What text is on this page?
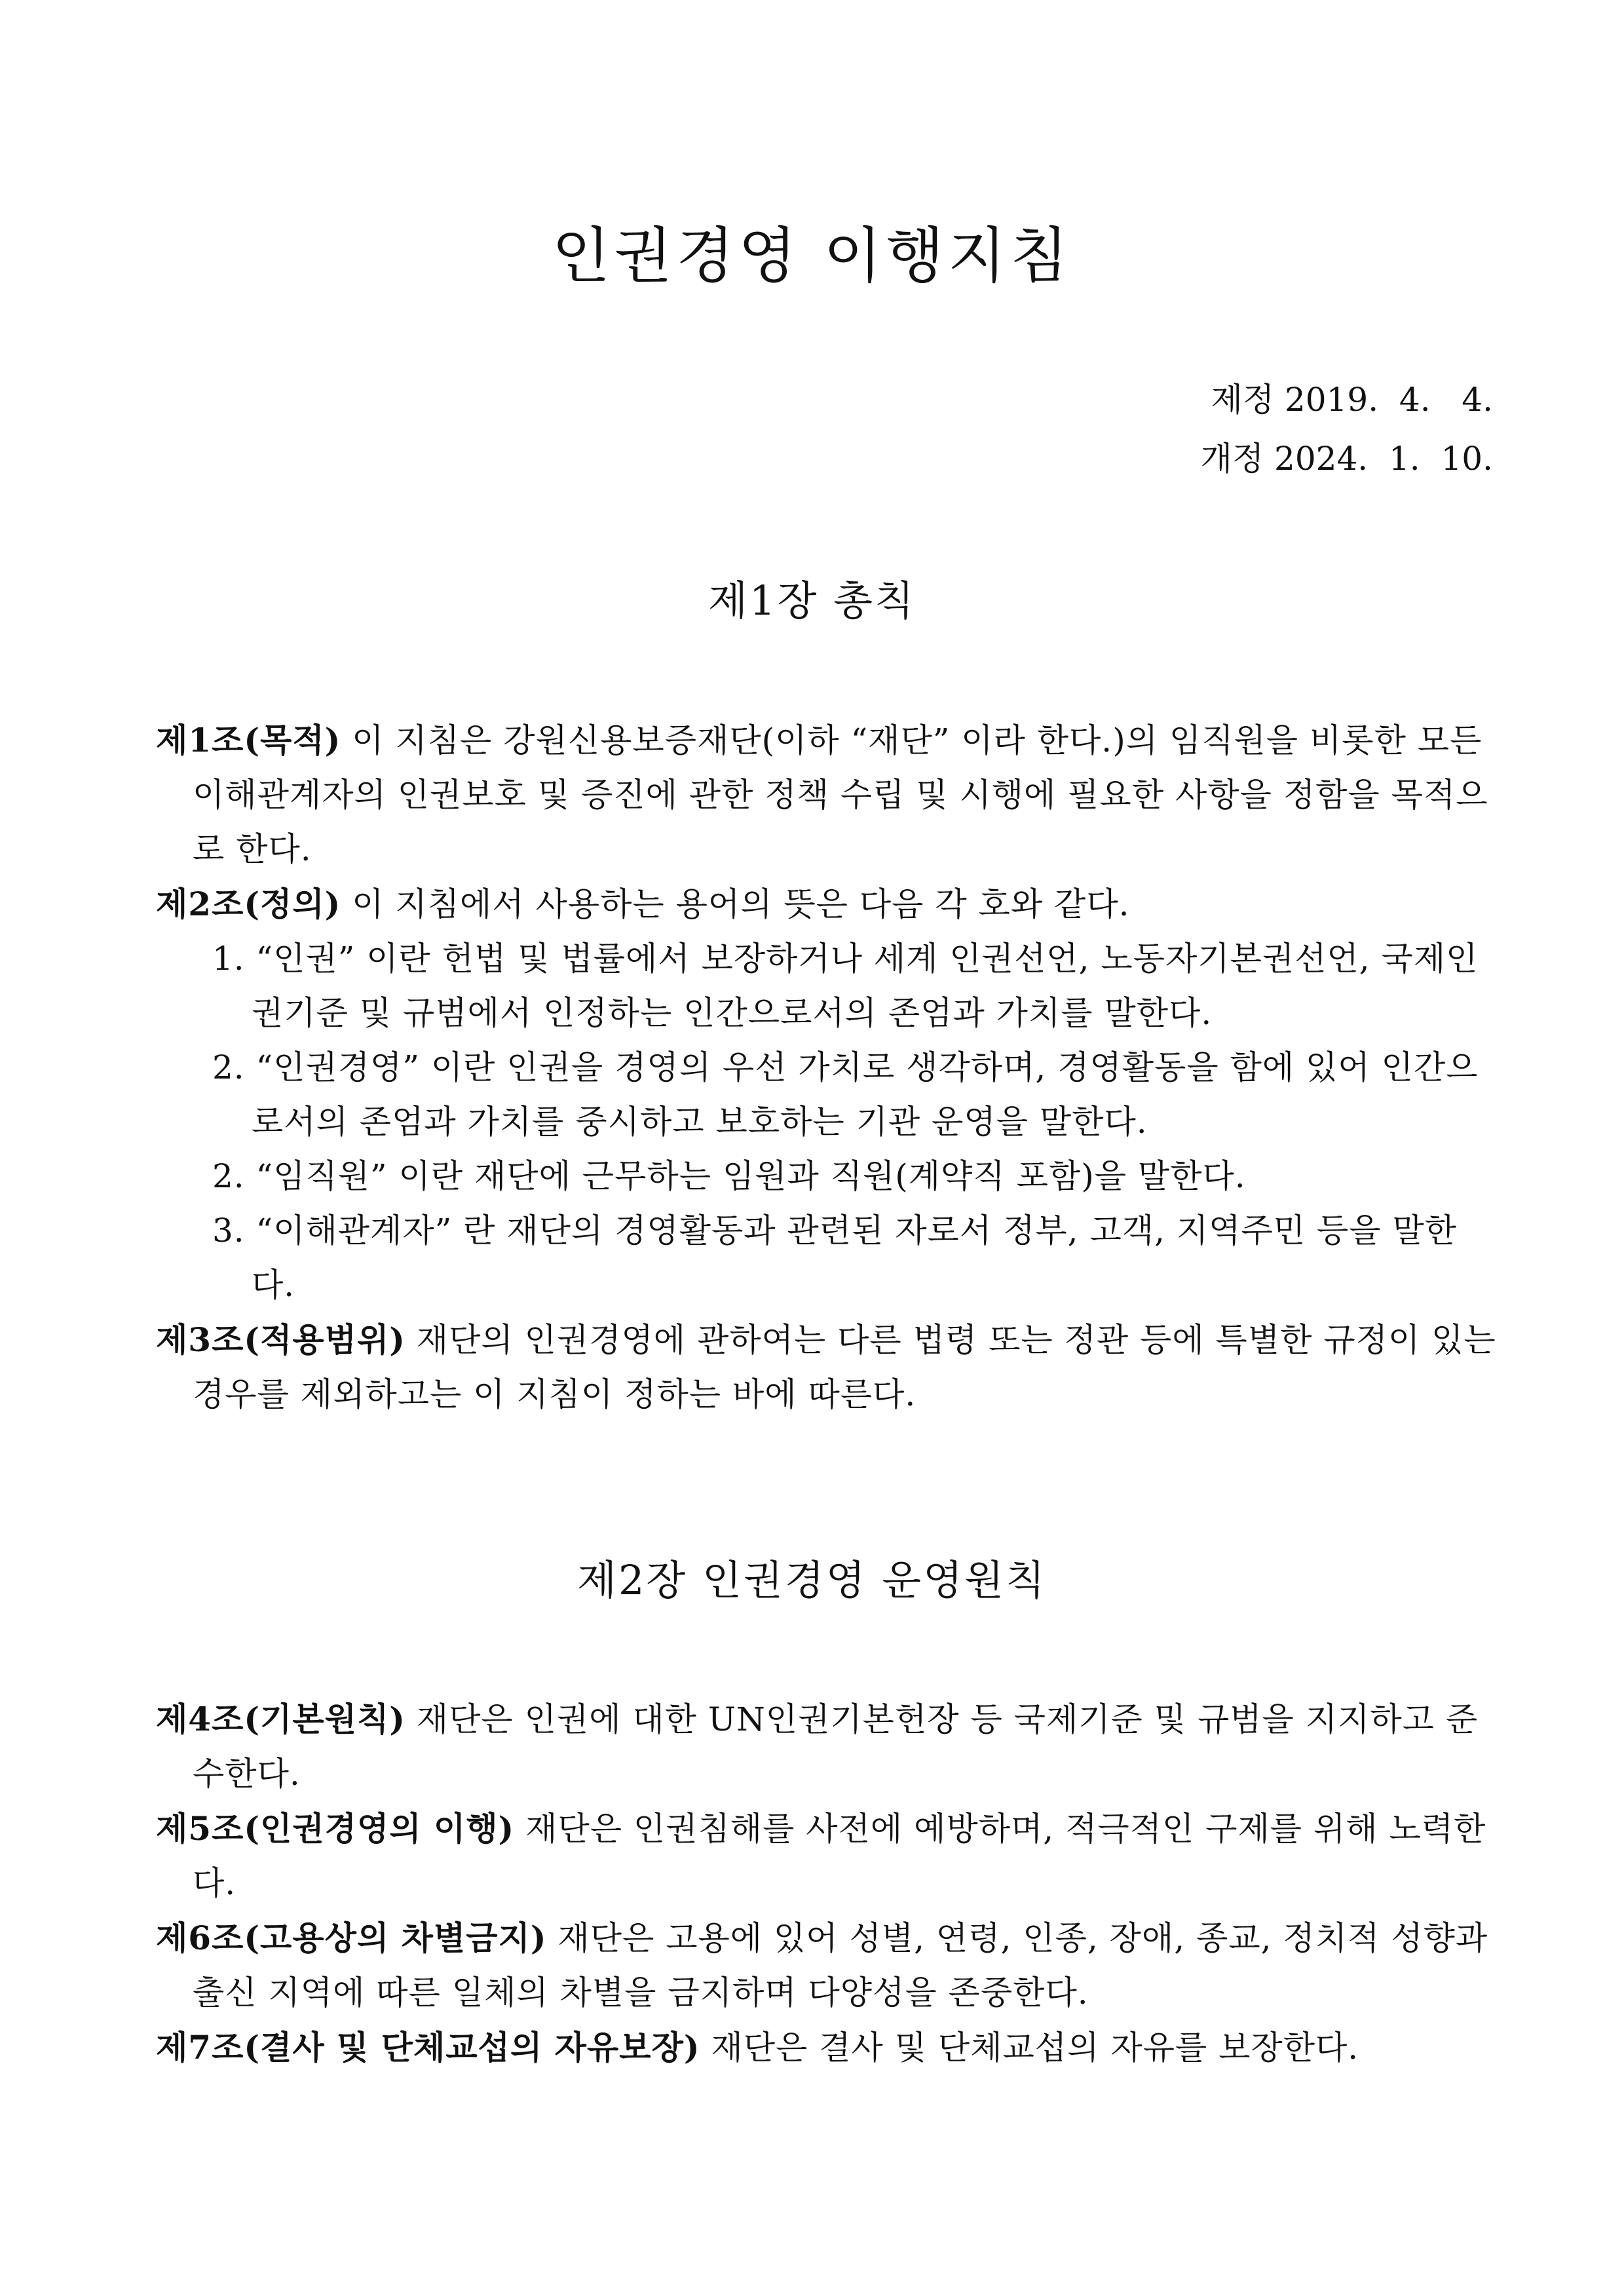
인권경영 이행지침
제정 2019.  4.   4.
개정 2024.  1.  10.
제1장 총칙

제1조(목적) 이 지침은 강원신용보증재단(이하 “재단” 이라 한다.)의 임직원을 비롯한 모든 이해관계자의 인권보호 및 증진에 관한 정책 수립 및 시행에 필요한 사항을 정함을 목적으로 한다.

제2조(정의) 이 지침에서 사용하는 용어의 뜻은 다음 각 호와 같다.

1. “인권” 이란 헌법 및 법률에서 보장하거나 세계 인권선언, 노동자기본권선언, 국제인권기준 및 규범에서 인정하는 인간으로서의 존엄과 가치를 말한다.

2. “인권경영” 이란 인권을 경영의 우선 가치로 생각하며, 경영활동을 함에 있어 인간으로서의 존엄과 가치를 중시하고 보호하는 기관 운영을 말한다.

2. “임직원” 이란 재단에 근무하는 임원과 직원(계약직 포함)을 말한다.

3. “이해관계자” 란 재단의 경영활동과 관련된 자로서 정부, 고객, 지역주민 등을 말한다.

제3조(적용범위) 재단의 인권경영에 관하여는 다른 법령 또는 정관 등에 특별한 규정이 있는 경우를 제외하고는 이 지침이 정하는 바에 따른다.

제2장 인권경영 운영원칙

제4조(기본원칙) 재단은 인권에 대한 UN인권기본헌장 등 국제기준 및 규범을 지지하고 준수한다.

제5조(인권경영의 이행) 재단은 인권침해를 사전에 예방하며, 적극적인 구제를 위해 노력한다.

제6조(고용상의 차별금지) 재단은 고용에 있어 성별, 연령, 인종, 장애, 종교, 정치적 성향과 출신 지역에 따른 일체의 차별을 금지하며 다양성을 존중한다.

제7조(결사 및 단체교섭의 자유보장) 재단은 결사 및 단체교섭의 자유를 보장한다.
